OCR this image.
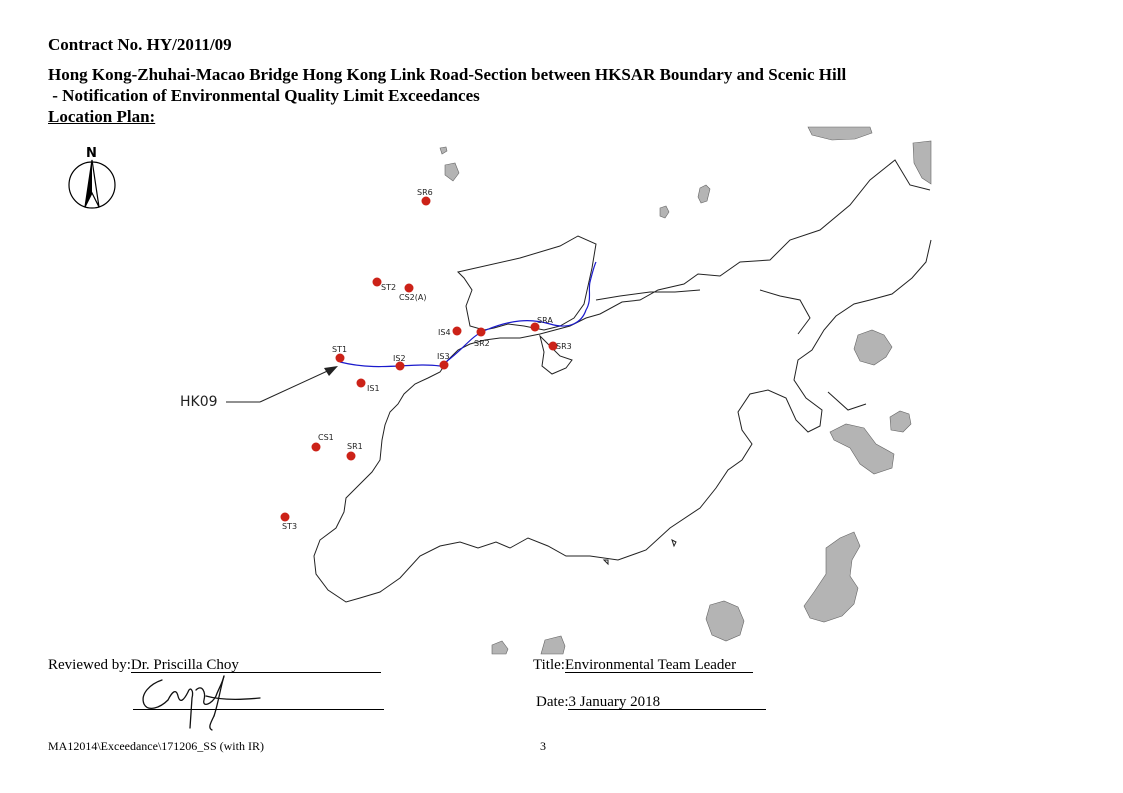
Contract No. HY/2011/09
Hong Kong-Zhuhai-Macao Bridge Hong Kong Link Road-Section between HKSAR Boundary and Scenic Hill
- Notification of Environmental Quality Limit Exceedances
Location Plan:
N
HK09
SR6
ST2
CS2(A)
IS4
SR2
SRA
SR3
ST1
IS2	IS3
IS1
CS1
SR1
ST3
Reviewed by:Dr. Priscilla Choy	Title:Environmental Team Leader
Date:3 January 2018
MA12014\Exceedance\171206_SS (with IR)	3
